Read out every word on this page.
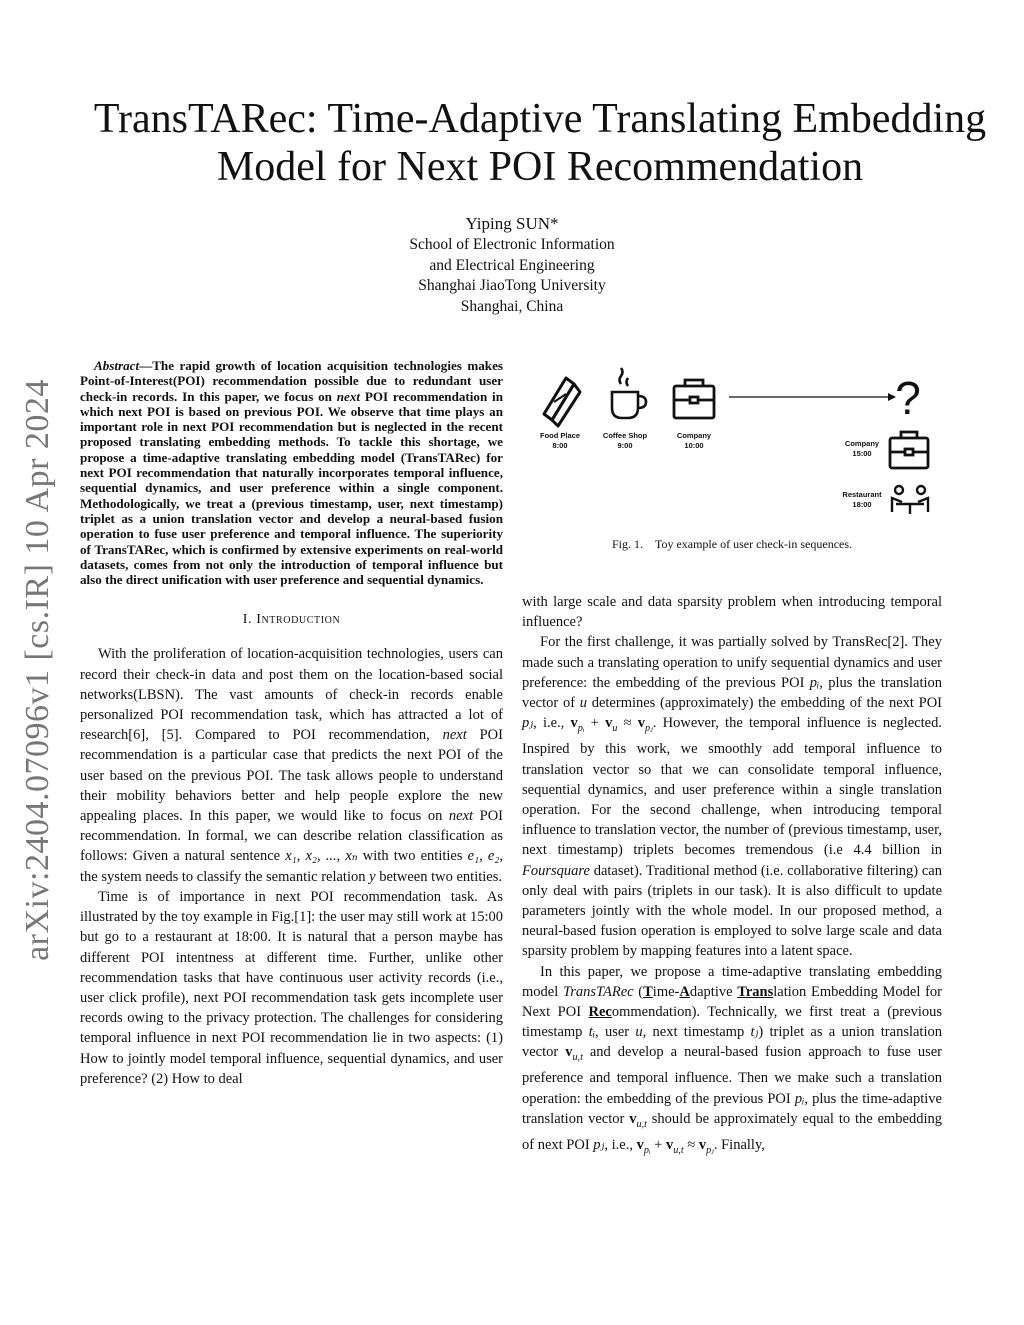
arXiv:2404.07096v1 [cs.IR] 10 Apr 2024
TransTARec: Time-Adaptive Translating Embedding
Model for Next POI Recommendation
Yiping SUN*
School of Electronic Information
and Electrical Engineering
Shanghai JiaoTong University
Shanghai, China

Abstract—The rapid growth of location acquisition technologies makes Point-of-Interest(POI) recommendation possible due to redundant user check-in records. In this paper, we focus on next POI recommendation in which next POI is based on previous POI. We observe that time plays an important role in next POI recommendation but is neglected in the recent proposed translating embedding methods. To tackle this shortage, we propose a time-adaptive translating embedding model (TransTARec) for next POI recommendation that naturally incorporates temporal influence, sequential dynamics, and user preference within a single component. Methodologically, we treat a (previous timestamp, user, next timestamp) triplet as a union translation vector and develop a neural-based fusion operation to fuse user preference and temporal influence. The superiority of TransTARec, which is confirmed by extensive experiments on real-world datasets, comes from not only the introduction of temporal influence but also the direct unification with user preference and sequential dynamics.

I. Introduction

With the proliferation of location-acquisition technologies, users can record their check-in data and post them on the location-based social networks(LBSN). The vast amounts of check-in records enable personalized POI recommendation task, which has attracted a lot of research[6], [5]. Compared to POI recommendation, next POI recommendation is a particular case that predicts the next POI of the user based on the previous POI. The task allows people to understand their mobility behaviors better and help people explore the new appealing places. In this paper, we would like to focus on next POI recommendation. In formal, we can describe relation classification as follows: Given a natural sentence x₁, x₂, ..., xₙ with two entities e₁, e₂, the system needs to classify the semantic relation y between two entities.

Time is of importance in next POI recommendation task. As illustrated by the toy example in Fig.[1]: the user may still work at 15:00 but go to a restaurant at 18:00. It is natural that a person maybe has different POI intentness at different time. Further, unlike other recommendation tasks that have continuous user activity records (i.e., user click profile), next POI recommendation task gets incomplete user records owing to the privacy protection. The challenges for considering temporal influence in next POI recommendation lie in two aspects: (1) How to jointly model temporal influence, sequential dynamics, and user preference? (2) How to deal

?
Food Place
8:00
Coffee Shop
9:00
Company
10:00	Company
15:00
Restaurant
18:00
Fig. 1. Toy example of user check-in sequences.

with large scale and data sparsity problem when introducing temporal influence?

For the first challenge, it was partially solved by TransRec[2]. They made such a translating operation to unify sequential dynamics and user preference: the embedding of the previous POI pᵢ, plus the translation vector of u determines (approximately) the embedding of the next POI pⱼ, i.e., $v_{pᵢ} + v_u \approx v_{pⱼ}$. However, the temporal influence is neglected. Inspired by this work, we smoothly add temporal influence to translation vector so that we can consolidate temporal influence, sequential dynamics, and user preference within a single translation operation. For the second challenge, when introducing temporal influence to translation vector, the number of (previous timestamp, user, next timestamp) triplets becomes tremendous (i.e 4.4 billion in Foursquare dataset). Traditional method (i.e. collaborative filtering) can only deal with pairs (triplets in our task). It is also difficult to update parameters jointly with the whole model. In our proposed method, a neural-based fusion operation is employed to solve large scale and data sparsity problem by mapping features into a latent space.

In this paper, we propose a time-adaptive translating embedding model TransTARec (Time-Adaptive Translation Embedding Model for Next POI Recommendation). Technically, we first treat a (previous timestamp tᵢ, user u, next timestamp tⱼ) triplet as a union translation vector $v_{u,t}$ and develop a neural-based fusion approach to fuse user preference and temporal influence. Then we make such a translation operation: the embedding of the previous POI pᵢ, plus the time-adaptive translation vector $v_{u,t}$ should be approximately equal to the embedding of next POI pⱼ, i.e., $v_{pᵢ} + v_{u,t} \approx v_{pⱼ}$. Finally,
